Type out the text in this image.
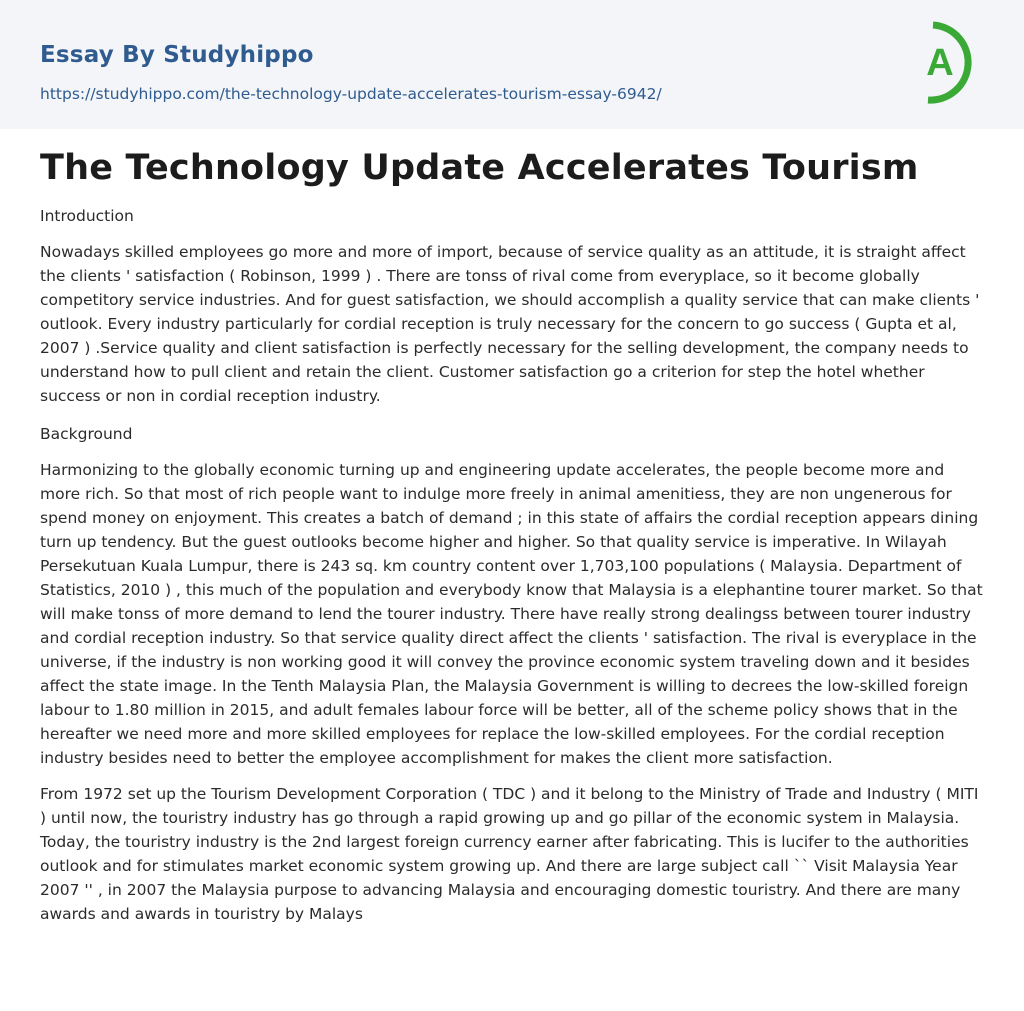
Essay By Studyhippo
https://studyhippo.com/the-technology-update-accelerates-tourism-essay-6942/
A
The Technology Update Accelerates Tourism

Introduction

Nowadays skilled employees go more and more of import, because of service quality as an attitude, it is straight affect the clients ' satisfaction ( Robinson, 1999 ) . There are tonss of rival come from everyplace, so it become globally competitory service industries. And for guest satisfaction, we should accomplish a quality service that can make clients ' outlook. Every industry particularly for cordial reception is truly necessary for the concern to go success ( Gupta et al, 2007 ) .Service quality and client satisfaction is perfectly necessary for the selling development, the company needs to understand how to pull client and retain the client. Customer satisfaction go a criterion for step the hotel whether success or non in cordial reception industry.

Background

Harmonizing to the globally economic turning up and engineering update accelerates, the people become more and more rich. So that most of rich people want to indulge more freely in animal amenitiess, they are non ungenerous for spend money on enjoyment. This creates a batch of demand ; in this state of affairs the cordial reception appears dining turn up tendency. But the guest outlooks become higher and higher. So that quality service is imperative. In Wilayah Persekutuan Kuala Lumpur, there is 243 sq. km country content over 1,703,100 populations ( Malaysia. Department of Statistics, 2010 ) , this much of the population and everybody know that Malaysia is a elephantine tourer market. So that will make tonss of more demand to lend the tourer industry. There have really strong dealingss between tourer industry and cordial reception industry. So that service quality direct affect the clients ' satisfaction. The rival is everyplace in the universe, if the industry is non working good it will convey the province economic system traveling down and it besides affect the state image. In the Tenth Malaysia Plan, the Malaysia Government is willing to decrees the low-skilled foreign labour to 1.80 million in 2015, and adult females labour force will be better, all of the scheme policy shows that in the hereafter we need more and more skilled employees for replace the low-skilled employees. For the cordial reception industry besides need to better the employee accomplishment for makes the client more satisfaction.

From 1972 set up the Tourism Development Corporation ( TDC ) and it belong to the Ministry of Trade and Industry ( MITI ) until now, the touristry industry has go through a rapid growing up and go pillar of the economic system in Malaysia. Today, the touristry industry is the 2nd largest foreign currency earner after fabricating. This is lucifer to the authorities outlook and for stimulates market economic system growing up. And there are large subject call `` Visit Malaysia Year 2007 '' , in 2007 the Malaysia purpose to advancing Malaysia and encouraging domestic touristry. And there are many awards and awards in touristry by Malays
